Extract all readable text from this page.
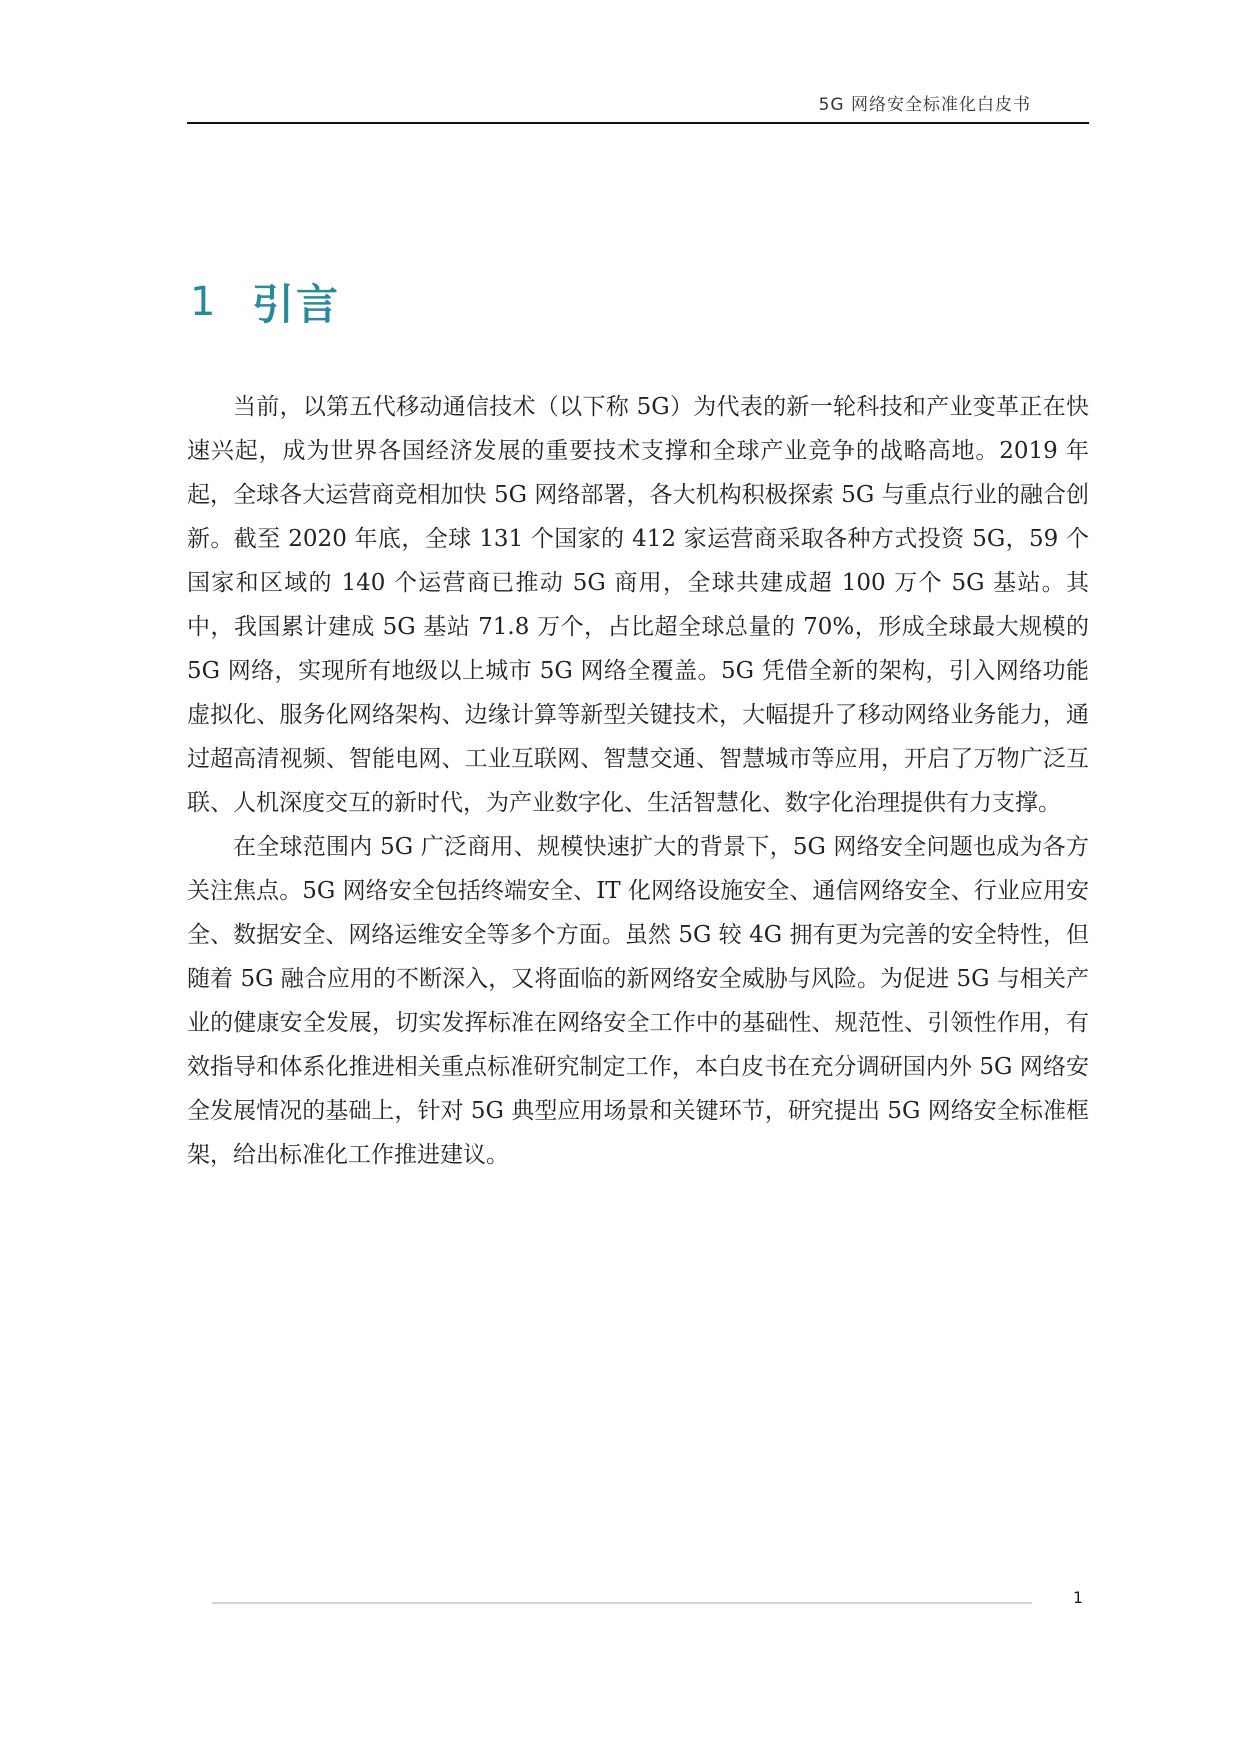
5G 网络安全标准化白皮书
1 引言

当前，以第五代移动通信技术（以下称 5G）为代表的新一轮科技和产业变革正在快速兴起，成为世界各国经济发展的重要技术支撑和全球产业竞争的战略高地。2019 年起，全球各大运营商竞相加快 5G 网络部署，各大机构积极探索 5G 与重点行业的融合创新。截至 2020 年底，全球 131 个国家的 412 家运营商采取各种方式投资 5G，59 个国家和区域的 140 个运营商已推动 5G 商用，全球共建成超 100 万个 5G 基站。其中，我国累计建成 5G 基站 71.8 万个，占比超全球总量的 70%，形成全球最大规模的 5G 网络，实现所有地级以上城市 5G 网络全覆盖。5G 凭借全新的架构，引入网络功能虚拟化、服务化网络架构、边缘计算等新型关键技术，大幅提升了移动网络业务能力，通过超高清视频、智能电网、工业互联网、智慧交通、智慧城市等应用，开启了万物广泛互联、人机深度交互的新时代，为产业数字化、生活智慧化、数字化治理提供有力支撑。

在全球范围内 5G 广泛商用、规模快速扩大的背景下，5G 网络安全问题也成为各方关注焦点。5G 网络安全包括终端安全、IT 化网络设施安全、通信网络安全、行业应用安全、数据安全、网络运维安全等多个方面。虽然 5G 较 4G 拥有更为完善的安全特性，但随着 5G 融合应用的不断深入，又将面临的新网络安全威胁与风险。为促进 5G 与相关产业的健康安全发展，切实发挥标准在网络安全工作中的基础性、规范性、引领性作用，有效指导和体系化推进相关重点标准研究制定工作，本白皮书在充分调研国内外 5G 网络安全发展情况的基础上，针对 5G 典型应用场景和关键环节，研究提出 5G 网络安全标准框架，给出标准化工作推进建议。

1
